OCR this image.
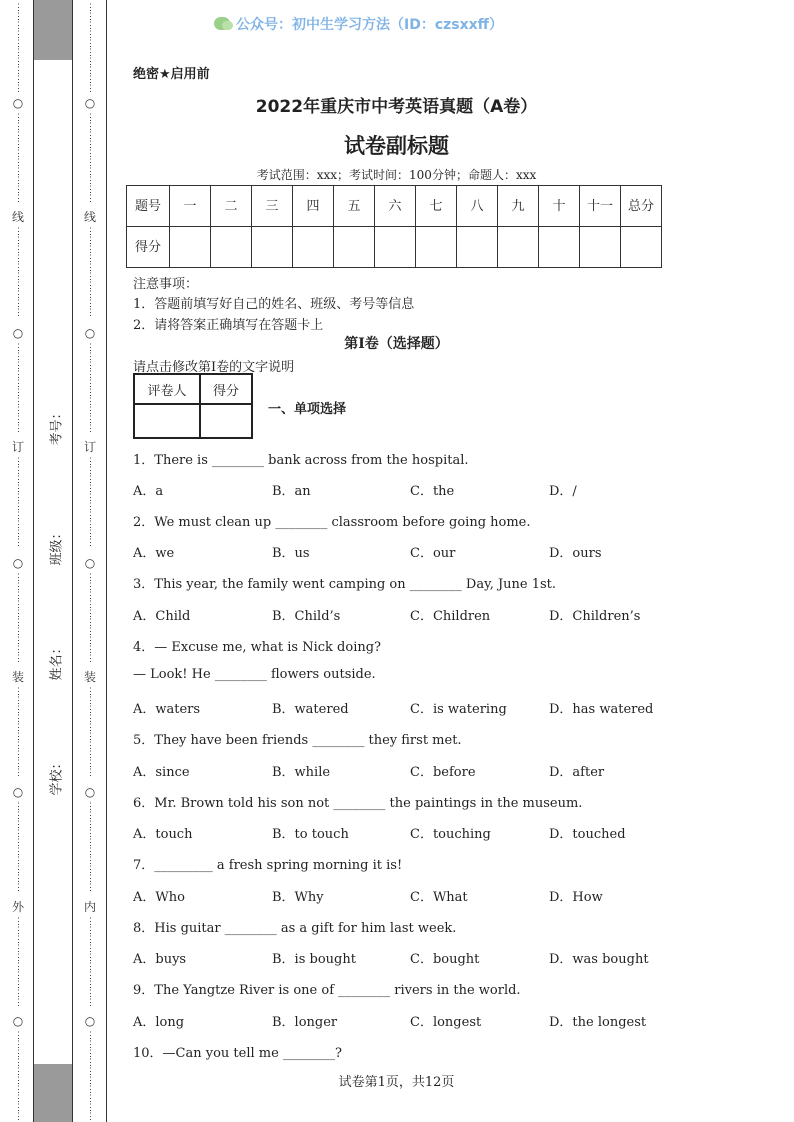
⋮⋮⋮⋮⋮⋮⋮⋮⋮⋮
○
⋮⋮⋮⋮⋮⋮⋮⋮⋮⋮
线
⋮⋮⋮⋮⋮⋮⋮⋮⋮⋮
○
⋮⋮⋮⋮⋮⋮⋮⋮⋮⋮
订
⋮⋮⋮⋮⋮⋮⋮⋮⋮⋮
○
⋮⋮⋮⋮⋮⋮⋮⋮⋮⋮
装
⋮⋮⋮⋮⋮⋮⋮⋮⋮⋮
○
⋮⋮⋮⋮⋮⋮⋮⋮⋮⋮
外
⋮⋮⋮⋮⋮⋮⋮⋮⋮⋮
○
⋮⋮⋮⋮⋮⋮⋮⋮⋮⋮
⋮⋮⋮⋮⋮⋮⋮⋮⋮⋮
○
⋮⋮⋮⋮⋮⋮⋮⋮⋮⋮
线
⋮⋮⋮⋮⋮⋮⋮⋮⋮⋮
○
⋮⋮⋮⋮⋮⋮⋮⋮⋮⋮
订
⋮⋮⋮⋮⋮⋮⋮⋮⋮⋮
○
⋮⋮⋮⋮⋮⋮⋮⋮⋮⋮
装
⋮⋮⋮⋮⋮⋮⋮⋮⋮⋮
○
⋮⋮⋮⋮⋮⋮⋮⋮⋮⋮
内
⋮⋮⋮⋮⋮⋮⋮⋮⋮⋮
○
⋮⋮⋮⋮⋮⋮⋮⋮⋮⋮
考号：
班级：
姓名：
学校：
公众号：初中生学习方法（ID：czsxxff）
绝密★启用前
2022年重庆市中考英语真题（A卷）
试卷副标题
考试范围：xxx；考试时间：100分钟；命题人：xxx
题号	一	二	三	四	五	六	七	八	九	十	十一	总分
得分												
注意事项：
1．答题前填写好自己的姓名、班级、考号等信息
2．请将答案正确填写在答题卡上
第I卷（选择题）
请点击修改第I卷的文字说明
评卷人	得分

一、单项选择
1．There is ________ bank across from the hospital.
A．a	B．an	C．the	D．/
2．We must clean up ________ classroom before going home.
A．we	B．us	C．our	D．ours
3．This year, the family went camping on ________ Day, June 1st.
A．Child	B．Child’s	C．Children	D．Children’s
4．— Excuse me, what is Nick doing?
— Look! He ________ flowers outside.
A．waters	B．watered	C．is watering	D．has watered
5．They have been friends ________ they first met.
A．since	B．while	C．before	D．after
6．Mr. Brown told his son not ________ the paintings in the museum.
A．touch	B．to touch	C．touching	D．touched
7．_________ a fresh spring morning it is!
A．Who	B．Why	C．What	D．How
8．His guitar ________ as a gift for him last week.
A．buys	B．is bought	C．bought	D．was bought
9．The Yangtze River is one of ________ rivers in the world.
A．long	B．longer	C．longest	D．the longest
10．—Can you tell me ________?
试卷第1页，共12页
